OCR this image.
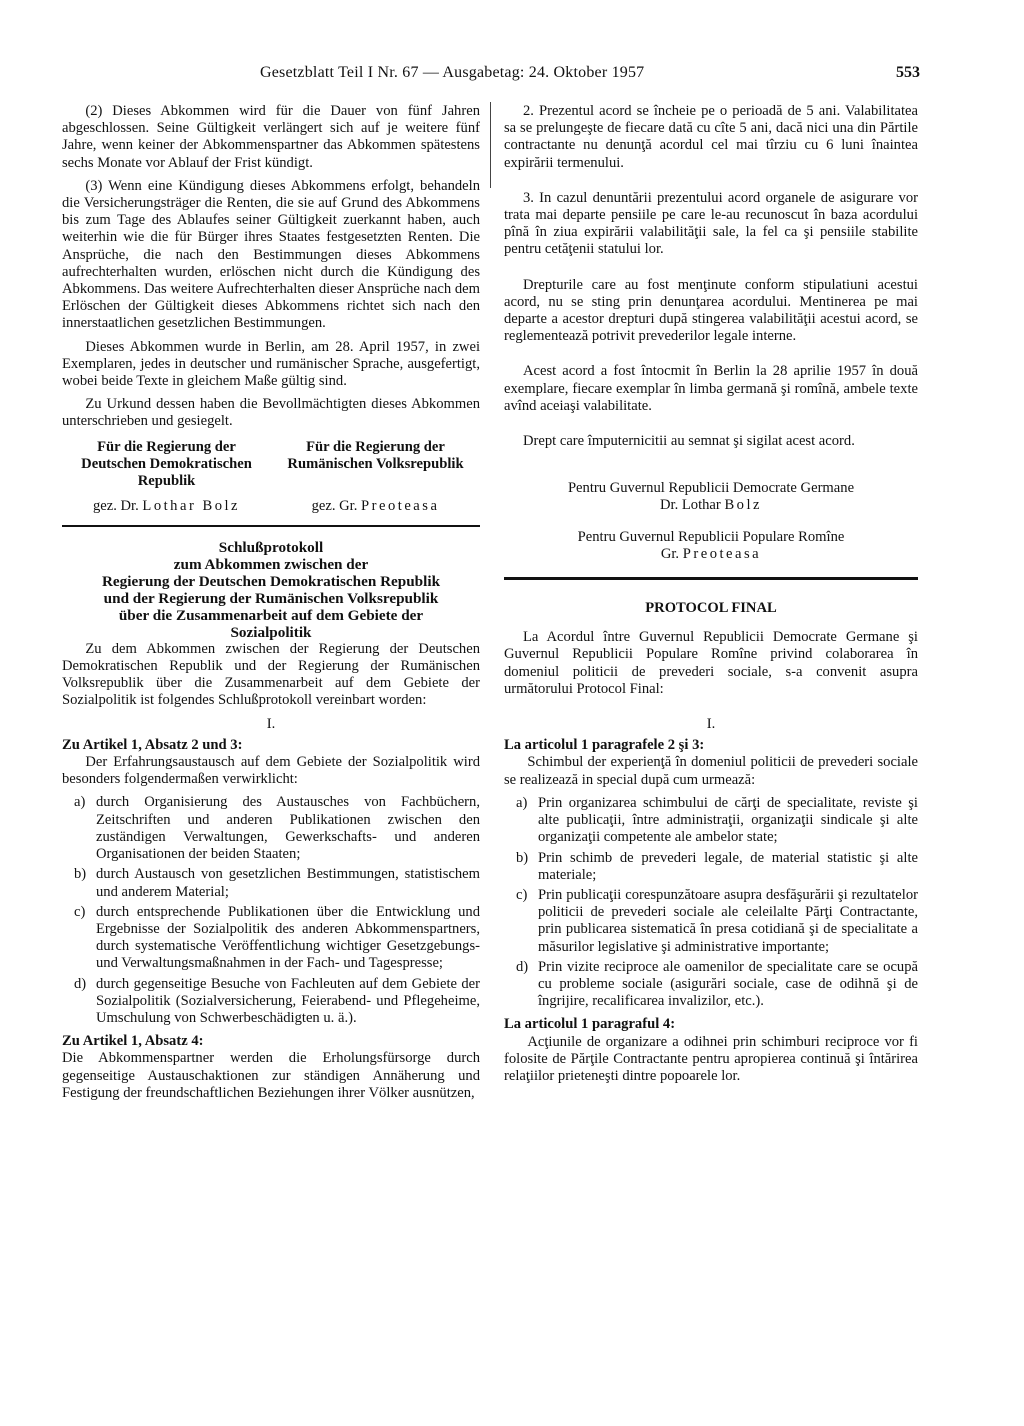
Gesetzblatt Teil I Nr. 67 — Ausgabetag: 24. Oktober 1957	553

(2) Dieses Abkommen wird für die Dauer von fünf Jahren abgeschlossen. Seine Gültigkeit verlängert sich auf je weitere fünf Jahre, wenn keiner der Abkommenspartner das Abkommen spätestens sechs Monate vor Ablauf der Frist kündigt.

(3) Wenn eine Kündigung dieses Abkommens erfolgt, behandeln die Versicherungsträger die Renten, die sie auf Grund des Abkommens bis zum Tage des Ablaufes seiner Gültigkeit zuerkannt haben, auch weiterhin wie die für Bürger ihres Staates festgesetzten Renten. Die Ansprüche, die nach den Bestimmungen dieses Abkommens aufrechterhalten wurden, erlöschen nicht durch die Kündigung des Abkommens. Das weitere Aufrechterhalten dieser Ansprüche nach dem Erlöschen der Gültigkeit dieses Abkommens richtet sich nach den innerstaatlichen gesetzlichen Bestimmungen.

Dieses Abkommen wurde in Berlin, am 28. April 1957, in zwei Exemplaren, jedes in deutscher und rumänischer Sprache, ausgefertigt, wobei beide Texte in gleichem Maße gültig sind.

Zu Urkund dessen haben die Bevollmächtigten dieses Abkommen unterschrieben und gesiegelt.

Für die Regierung der
Deutschen Demokratischen
Republik
Für die Regierung der
Rumänischen Volksrepublik
gez. Dr. Lothar Bolz	gez. Gr. Preoteasa
Schlußprotokoll
zum Abkommen zwischen der
Regierung der Deutschen Demokratischen Republik
und der Regierung der Rumänischen Volksrepublik
über die Zusammenarbeit auf dem Gebiete der
Sozialpolitik

Zu dem Abkommen zwischen der Regierung der Deutschen Demokratischen Republik und der Regierung der Rumänischen Volksrepublik über die Zusammenarbeit auf dem Gebiete der Sozialpolitik ist folgendes Schlußprotokoll vereinbart worden:

I.

Zu Artikel 1, Absatz 2 und 3:

Der Erfahrungsaustausch auf dem Gebiete der Sozialpolitik wird besonders folgendermaßen verwirklicht:

a) durch Organisierung des Austausches von Fachbüchern, Zeitschriften und anderen Publikationen zwischen den zuständigen Verwaltungen, Gewerkschafts- und anderen Organisationen der beiden Staaten;
b) durch Austausch von gesetzlichen Bestimmungen, statistischem und anderem Material;
c) durch entsprechende Publikationen über die Entwicklung und Ergebnisse der Sozialpolitik des anderen Abkommenspartners, durch systematische Veröffentlichung wichtiger Gesetzgebungs- und Verwaltungsmaßnahmen in der Fach- und Tagespresse;
d) durch gegenseitige Besuche von Fachleuten auf dem Gebiete der Sozialpolitik (Sozialversicherung, Feierabend- und Pflegeheime, Umschulung von Schwerbeschädigten u. ä.).

Zu Artikel 1, Absatz 4:

Die Abkommenspartner werden die Erholungsfürsorge durch gegenseitige Austauschaktionen zur ständigen Annäherung und Festigung der freundschaftlichen Beziehungen ihrer Völker ausnützen,

2. Prezentul acord se încheie pe o perioadă de 5 ani. Valabilitatea sa se prelungeşte de fiecare dată cu cîte 5 ani, dacă nici una din Părtile contractante nu denunţă acordul cel mai tîrziu cu 6 luni înaintea expirării termenului.

3. In cazul denuntării prezentului acord organele de asigurare vor trata mai departe pensiile pe care le-au recunoscut în baza acordului pînă în ziua expirării valabilităţii sale, la fel ca şi pensiile stabilite pentru cetăţenii statului lor.

Drepturile care au fost menţinute conform stipulatiuni acestui acord, nu se sting prin denunţarea acordului. Mentinerea pe mai departe a acestor drepturi după stingerea valabilităţii acestui acord, se reglementează potrivit prevederilor legale interne.

Acest acord a fost întocmit în Berlin la 28 aprilie 1957 în două exemplare, fiecare exemplar în limba germană şi romînă, ambele texte avînd aceiaşi valabilitate.

Drept care împuternicitii au semnat şi sigilat acest acord.

Pentru Guvernul Republicii Democrate Germane
Dr. Lothar Bolz
Pentru Guvernul Republicii Populare Romîne
Gr. Preoteasa
PROTOCOL FINAL

La Acordul între Guvernul Republicii Democrate Germane şi Guvernul Republicii Populare Romîne privind colaborarea în domeniul politicii de prevederi sociale, s-a convenit asupra următorului Protocol Final:

I.

La articolul 1 paragrafele 2 şi 3:

Schimbul der experienţă în domeniul politicii de prevederi sociale se realizează in special după cum urmează:

a) Prin organizarea schimbului de cărţi de specialitate, reviste şi alte publicaţii, între administraţii, organizaţii sindicale şi alte organizaţii competente ale ambelor state;
b) Prin schimb de prevederi legale, de material statistic şi alte materiale;
c) Prin publicaţii corespunzătoare asupra desfăşurării şi rezultatelor politicii de prevederi sociale ale celeilalte Părţi Contractante, prin publicarea sistematică în presa cotidiană şi de specialitate a măsurilor legislative şi administrative importante;
d) Prin vizite reciproce ale oamenilor de specialitate care se ocupă cu probleme sociale (asigurări sociale, case de odihnă şi de îngrijire, recalificarea invalizilor, etc.).

La articolul 1 paragraful 4:

Acţiunile de organizare a odihnei prin schimburi reciproce vor fi folosite de Părţile Contractante pentru apropierea continuă şi întărirea relaţiilor prieteneşti dintre popoarele lor.
